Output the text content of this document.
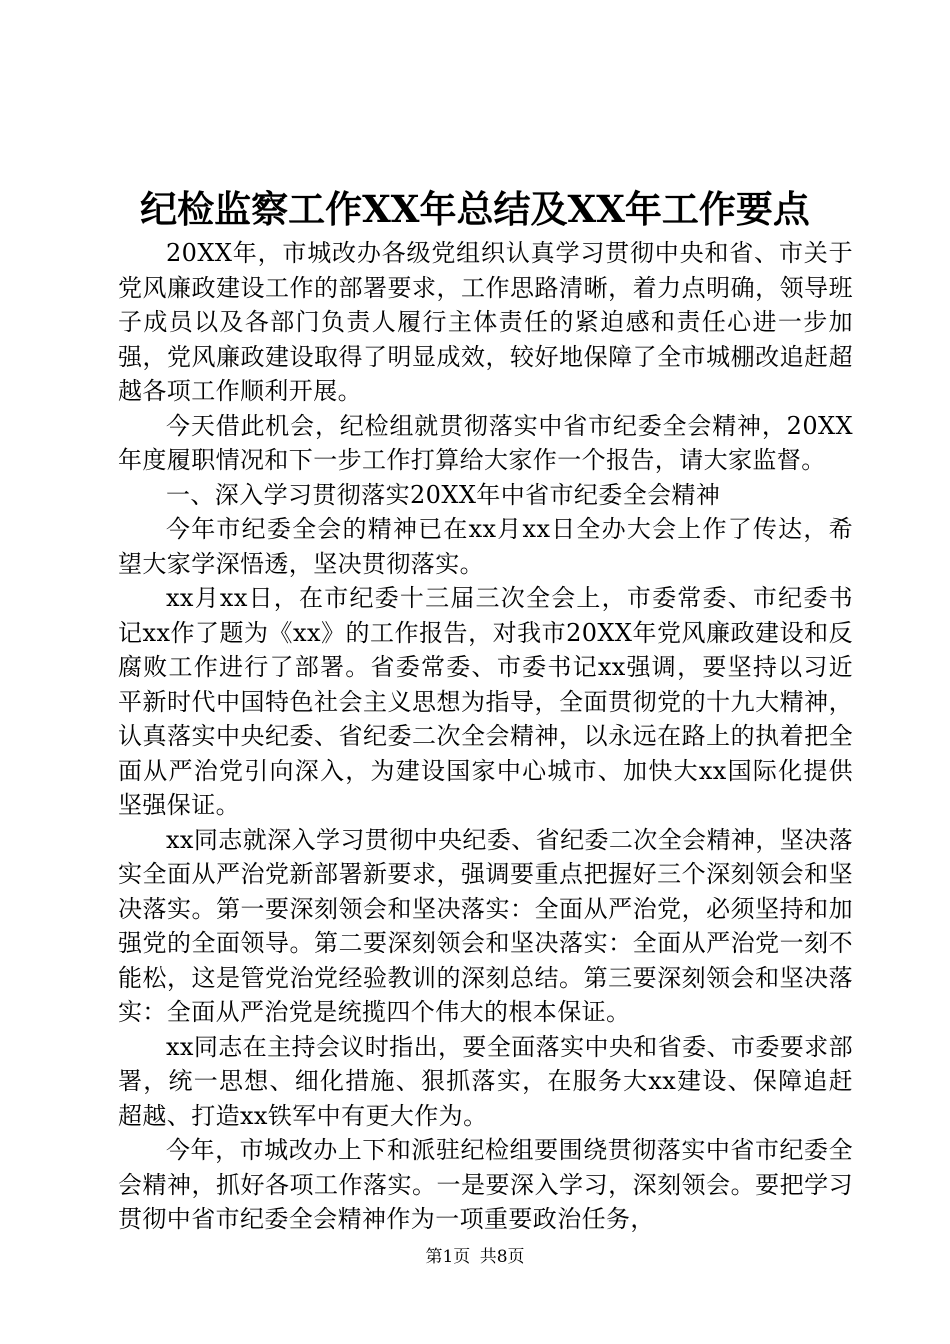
纪检监察工作XX年总结及XX年工作要点

20XX年，市城改办各级党组织认真学习贯彻中央和省、市关于党风廉政建设工作的部署要求，工作思路清晰，着力点明确，领导班子成员以及各部门负责人履行主体责任的紧迫感和责任心进一步加强，党风廉政建设取得了明显成效，较好地保障了全市城棚改追赶超越各项工作顺利开展。

今天借此机会，纪检组就贯彻落实中省市纪委全会精神，20XX年度履职情况和下一步工作打算给大家作一个报告，请大家监督。

一、深入学习贯彻落实20XX年中省市纪委全会精神

今年市纪委全会的精神已在xx月xx日全办大会上作了传达，希望大家学深悟透，坚决贯彻落实。

xx月xx日，在市纪委十三届三次全会上，市委常委、市纪委书记xx作了题为《xx》的工作报告，对我市20XX年党风廉政建设和反腐败工作进行了部署。省委常委、市委书记xx强调，要坚持以习近平新时代中国特色社会主义思想为指导，全面贯彻党的十九大精神，认真落实中央纪委、省纪委二次全会精神，以永远在路上的执着把全面从严治党引向深入，为建设国家中心城市、加快大xx国际化提供坚强保证。

xx同志就深入学习贯彻中央纪委、省纪委二次全会精神，坚决落实全面从严治党新部署新要求，强调要重点把握好三个深刻领会和坚决落实。第一要深刻领会和坚决落实：全面从严治党，必须坚持和加强党的全面领导。第二要深刻领会和坚决落实：全面从严治党一刻不能松，这是管党治党经验教训的深刻总结。第三要深刻领会和坚决落实：全面从严治党是统揽四个伟大的根本保证。

xx同志在主持会议时指出，要全面落实中央和省委、市委要求部署，统一思想、细化措施、狠抓落实，在服务大xx建设、保障追赶超越、打造xx铁军中有更大作为。

今年，市城改办上下和派驻纪检组要围绕贯彻落实中省市纪委全会精神，抓好各项工作落实。一是要深入学习，深刻领会。要把学习贯彻中省市纪委全会精神作为一项重要政治任务，

第1页 共8页
